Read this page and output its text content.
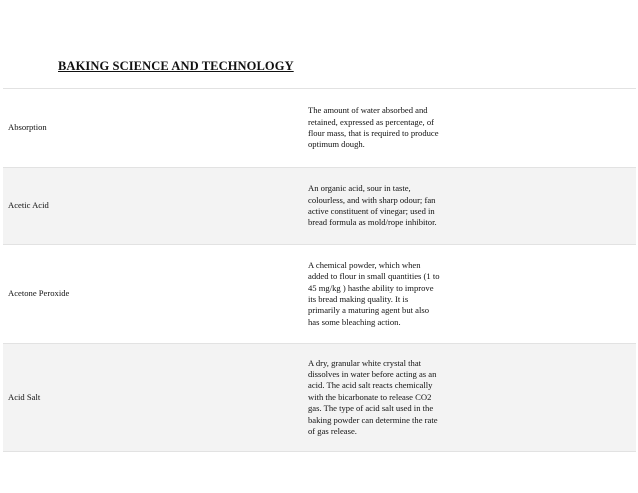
BAKING SCIENCE AND TECHNOLOGY
Absorption	The amount of water absorbed and retained, expressed as percentage, of flour mass, that is required to produce optimum dough.

Acetic Acid	An organic acid, sour in taste, colourless, and with sharp odour; fan active constituent of vinegar; used in bread formula as mold/rope inhibitor.

Acetone Peroxide	A chemical powder, which when added to flour in small quantities (1 to 45 mg/kg ) hasthe ability to improve its bread making quality. It is primarily a maturing agent but also has some bleaching action.

Acid Salt	A dry, granular white crystal that dissolves in water before acting as an acid. The acid salt reacts chemically with the bicarbonate to release CO2 gas. The type of acid salt used in the baking powder can determine the rate of gas release.
